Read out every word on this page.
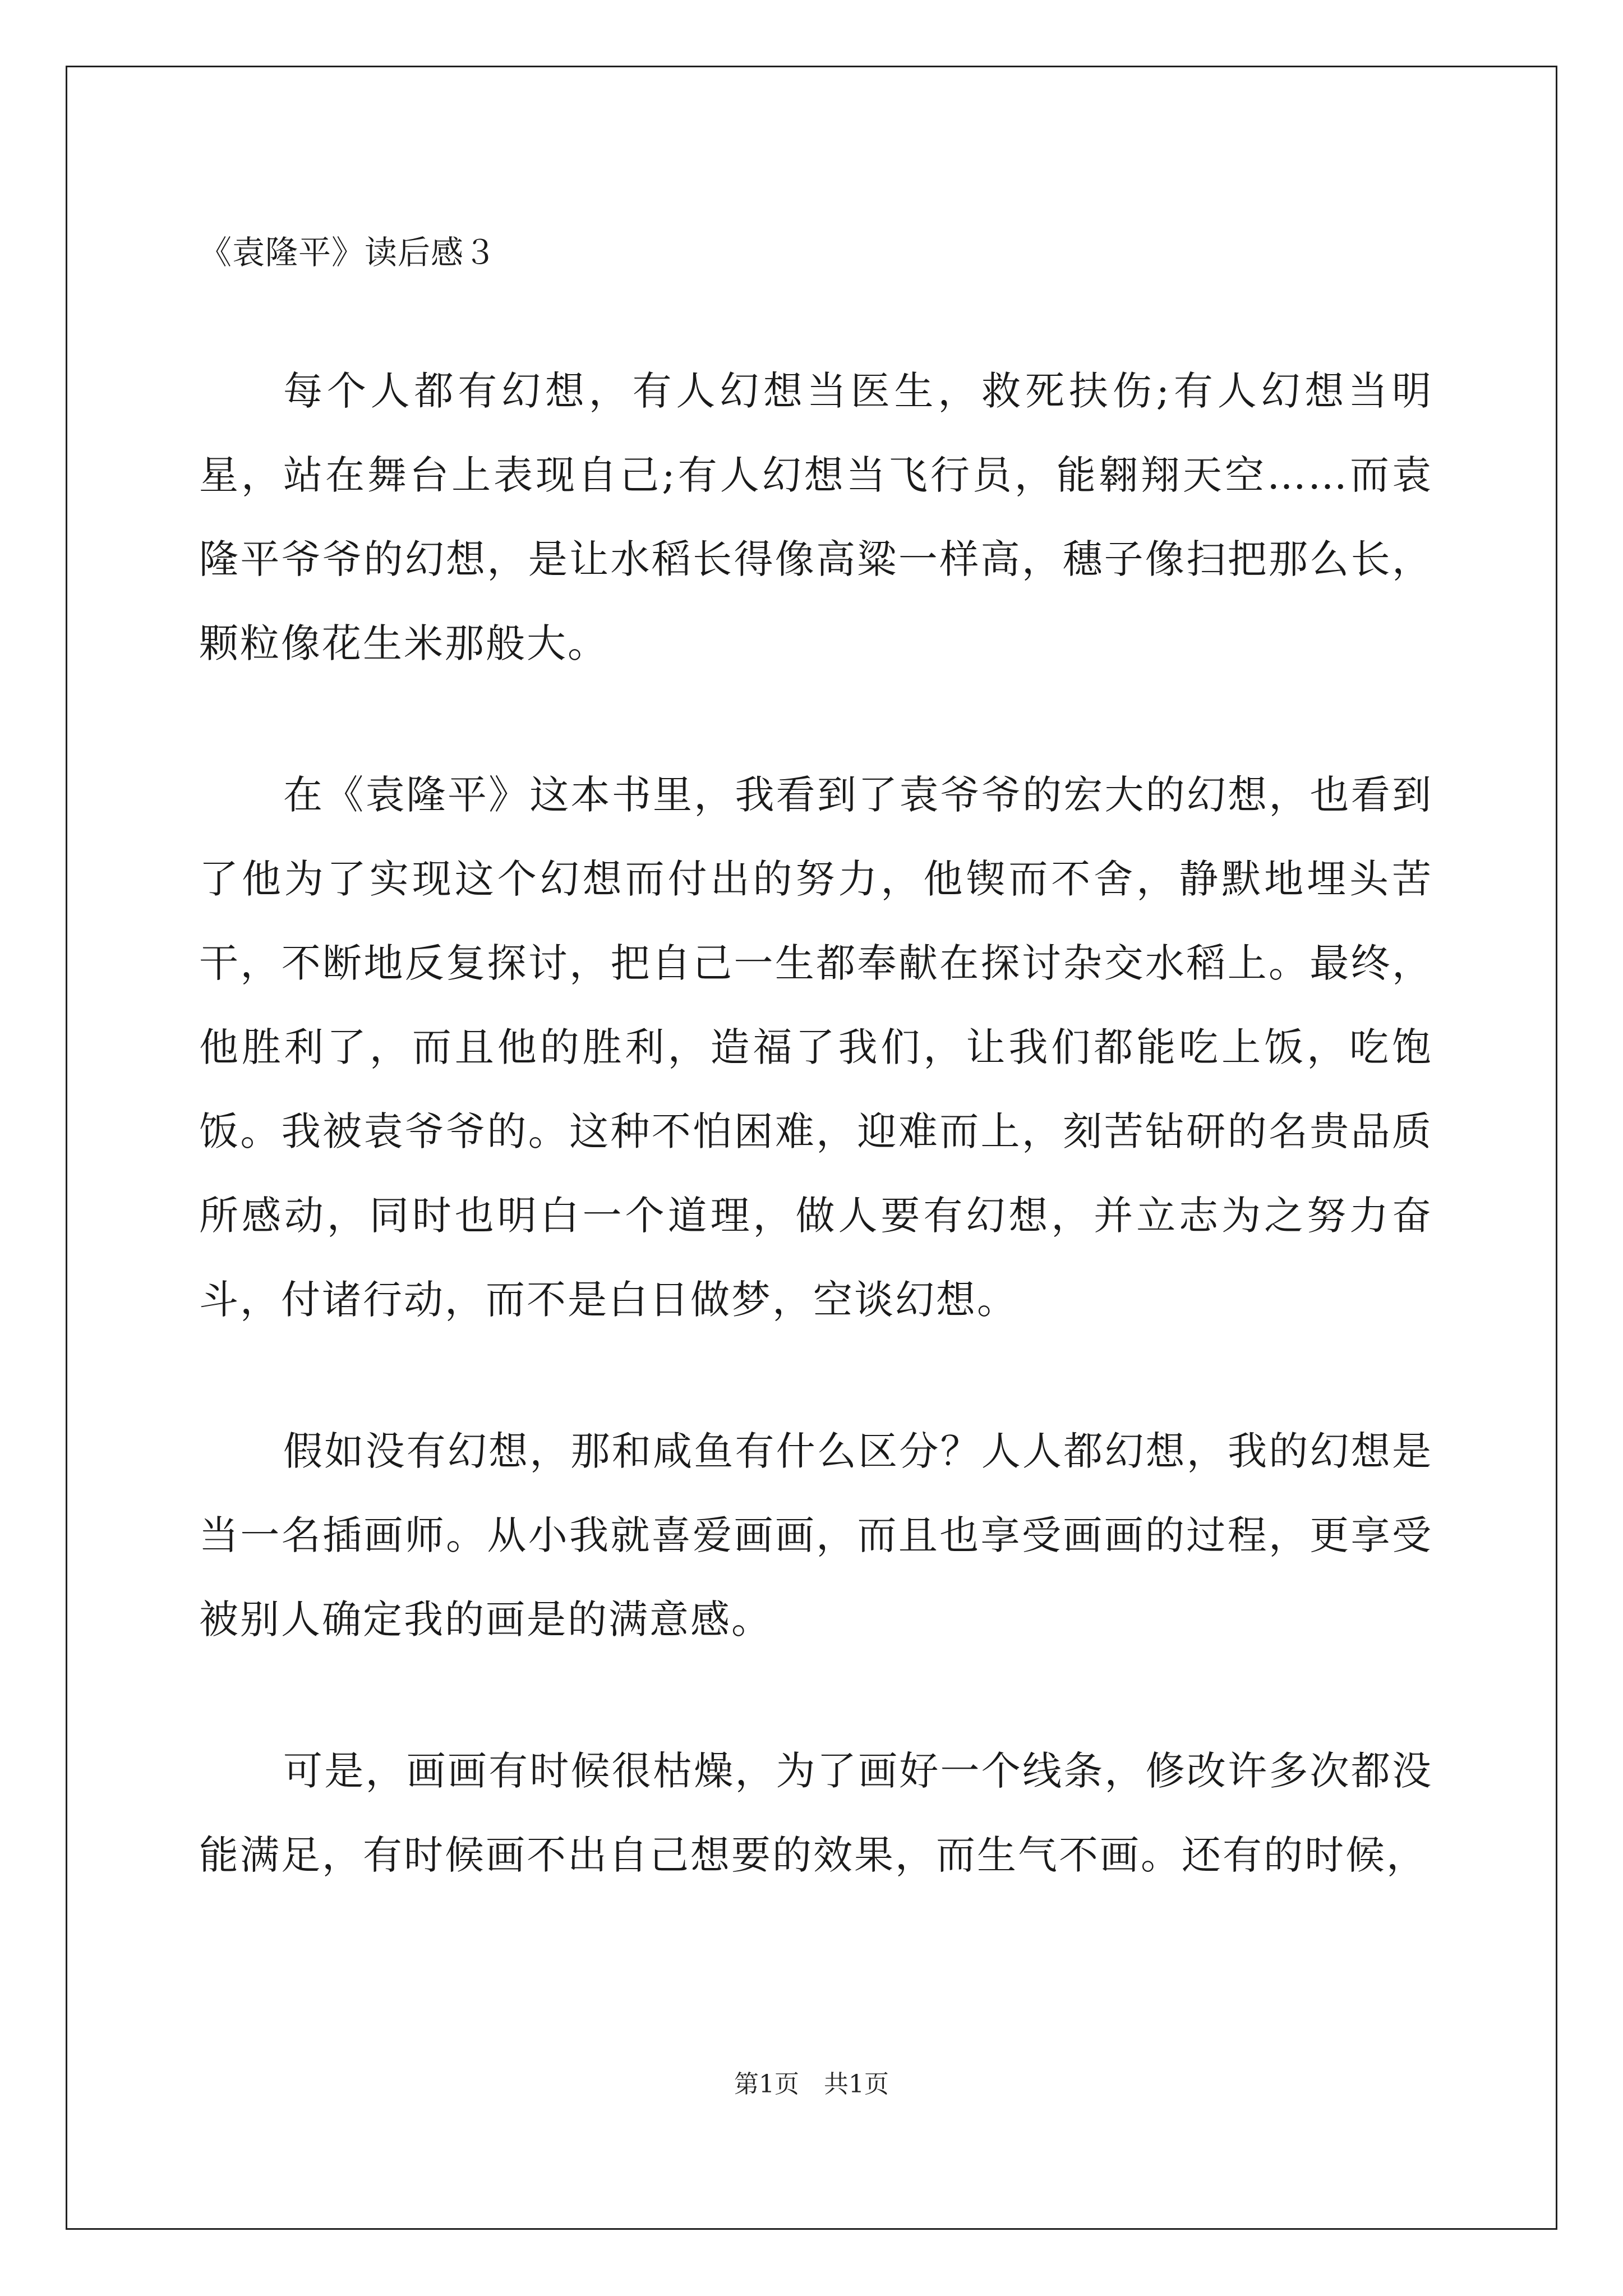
《袁隆平》读后感３

每个人都有幻想，有人幻想当医生，救死扶伤;有人幻想当明星，站在舞台上表现自己;有人幻想当飞行员，能翱翔天空……而袁隆平爷爷的幻想，是让水稻长得像高粱一样高，穗子像扫把那么长，颗粒像花生米那般大。

在《袁隆平》这本书里，我看到了袁爷爷的宏大的幻想，也看到了他为了实现这个幻想而付出的努力，他锲而不舍，静默地埋头苦干，不断地反复探讨，把自己一生都奉献在探讨杂交水稻上。最终，他胜利了，而且他的胜利，造福了我们，让我们都能吃上饭，吃饱饭。我被袁爷爷的。这种不怕困难，迎难而上，刻苦钻研的名贵品质所感动，同时也明白一个道理，做人要有幻想，并立志为之努力奋斗，付诸行动，而不是白日做梦，空谈幻想。

假如没有幻想，那和咸鱼有什么区分？人人都幻想，我的幻想是当一名插画师。从小我就喜爱画画，而且也享受画画的过程，更享受被别人确定我的画是的满意感。

可是，画画有时候很枯燥，为了画好一个线条，修改许多次都没能满足，有时候画不出自己想要的效果，而生气不画。还有的时候，

第1页 共1页
